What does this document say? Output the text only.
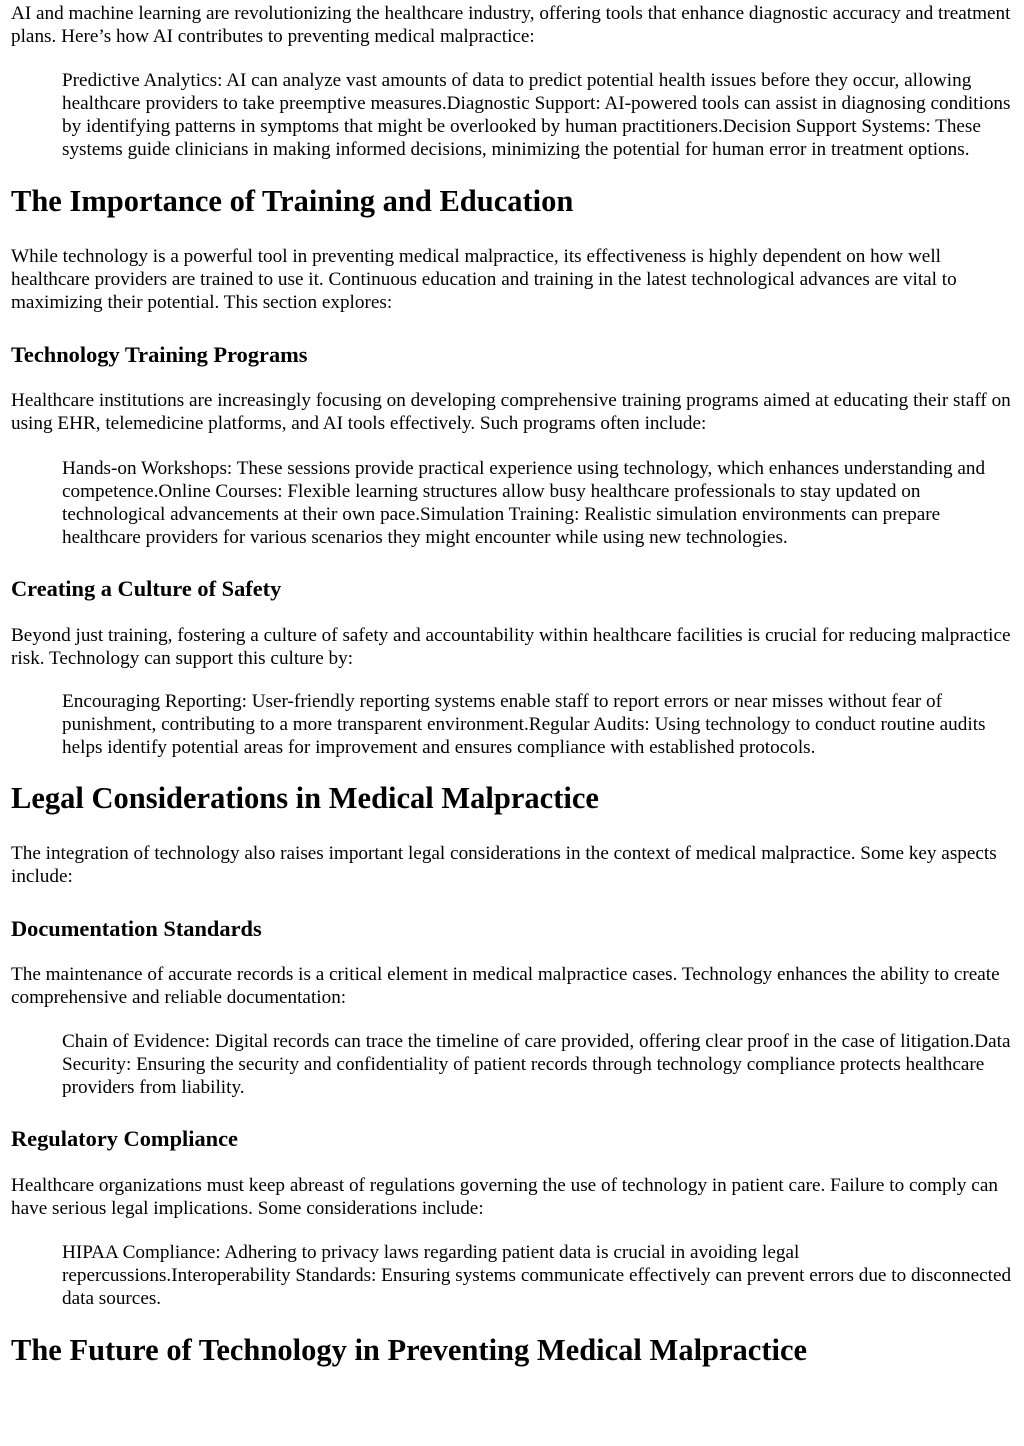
AI and machine learning are revolutionizing the healthcare industry, offering tools that enhance diagnostic accuracy and treatment plans. Here’s how AI contributes to preventing medical malpractice:

Predictive Analytics: AI can analyze vast amounts of data to predict potential health issues before they occur, allowing healthcare providers to take preemptive measures.Diagnostic Support: AI-powered tools can assist in diagnosing conditions by identifying patterns in symptoms that might be overlooked by human practitioners.Decision Support Systems: These systems guide clinicians in making informed decisions, minimizing the potential for human error in treatment options.
The Importance of Training and Education

While technology is a powerful tool in preventing medical malpractice, its effectiveness is highly dependent on how well healthcare providers are trained to use it. Continuous education and training in the latest technological advances are vital to maximizing their potential. This section explores:

Technology Training Programs

Healthcare institutions are increasingly focusing on developing comprehensive training programs aimed at educating their staff on using EHR, telemedicine platforms, and AI tools effectively. Such programs often include:

Hands-on Workshops: These sessions provide practical experience using technology, which enhances understanding and competence.Online Courses: Flexible learning structures allow busy healthcare professionals to stay updated on technological advancements at their own pace.Simulation Training: Realistic simulation environments can prepare healthcare providers for various scenarios they might encounter while using new technologies.
Creating a Culture of Safety

Beyond just training, fostering a culture of safety and accountability within healthcare facilities is crucial for reducing malpractice risk. Technology can support this culture by:

Encouraging Reporting: User-friendly reporting systems enable staff to report errors or near misses without fear of punishment, contributing to a more transparent environment.Regular Audits: Using technology to conduct routine audits helps identify potential areas for improvement and ensures compliance with established protocols.
Legal Considerations in Medical Malpractice

The integration of technology also raises important legal considerations in the context of medical malpractice. Some key aspects include:

Documentation Standards

The maintenance of accurate records is a critical element in medical malpractice cases. Technology enhances the ability to create comprehensive and reliable documentation:

Chain of Evidence: Digital records can trace the timeline of care provided, offering clear proof in the case of litigation.Data Security: Ensuring the security and confidentiality of patient records through technology compliance protects healthcare providers from liability.
Regulatory Compliance

Healthcare organizations must keep abreast of regulations governing the use of technology in patient care. Failure to comply can have serious legal implications. Some considerations include:

HIPAA Compliance: Adhering to privacy laws regarding patient data is crucial in avoiding legal repercussions.Interoperability Standards: Ensuring systems communicate effectively can prevent errors due to disconnected data sources.
The Future of Technology in Preventing Medical Malpractice
